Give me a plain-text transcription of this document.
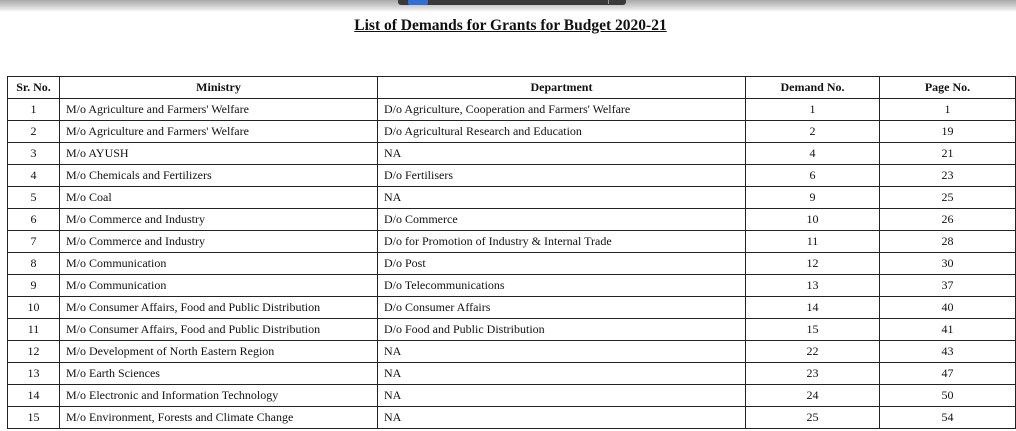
List of Demands for Grants for Budget 2020-21
Sr. No.	Ministry	Department	Demand No.	Page No.
1	M/o Agriculture and Farmers' Welfare	D/o Agriculture, Cooperation and Farmers' Welfare	1	1
2	M/o Agriculture and Farmers' Welfare	D/o Agricultural Research and Education	2	19
3	M/o AYUSH	NA	4	21
4	M/o Chemicals and Fertilizers	D/o Fertilisers	6	23
5	M/o Coal	NA	9	25
6	M/o Commerce and Industry	D/o Commerce	10	26
7	M/o Commerce and Industry	D/o for Promotion of Industry & Internal Trade	11	28
8	M/o Communication	D/o Post	12	30
9	M/o Communication	D/o Telecommunications	13	37
10	M/o Consumer Affairs, Food and Public Distribution	D/o Consumer Affairs	14	40
11	M/o Consumer Affairs, Food and Public Distribution	D/o Food and Public Distribution	15	41
12	M/o Development of North Eastern Region	NA	22	43
13	M/o Earth Sciences	NA	23	47
14	M/o Electronic and Information Technology	NA	24	50
15	M/o Environment, Forests and Climate Change	NA	25	54
